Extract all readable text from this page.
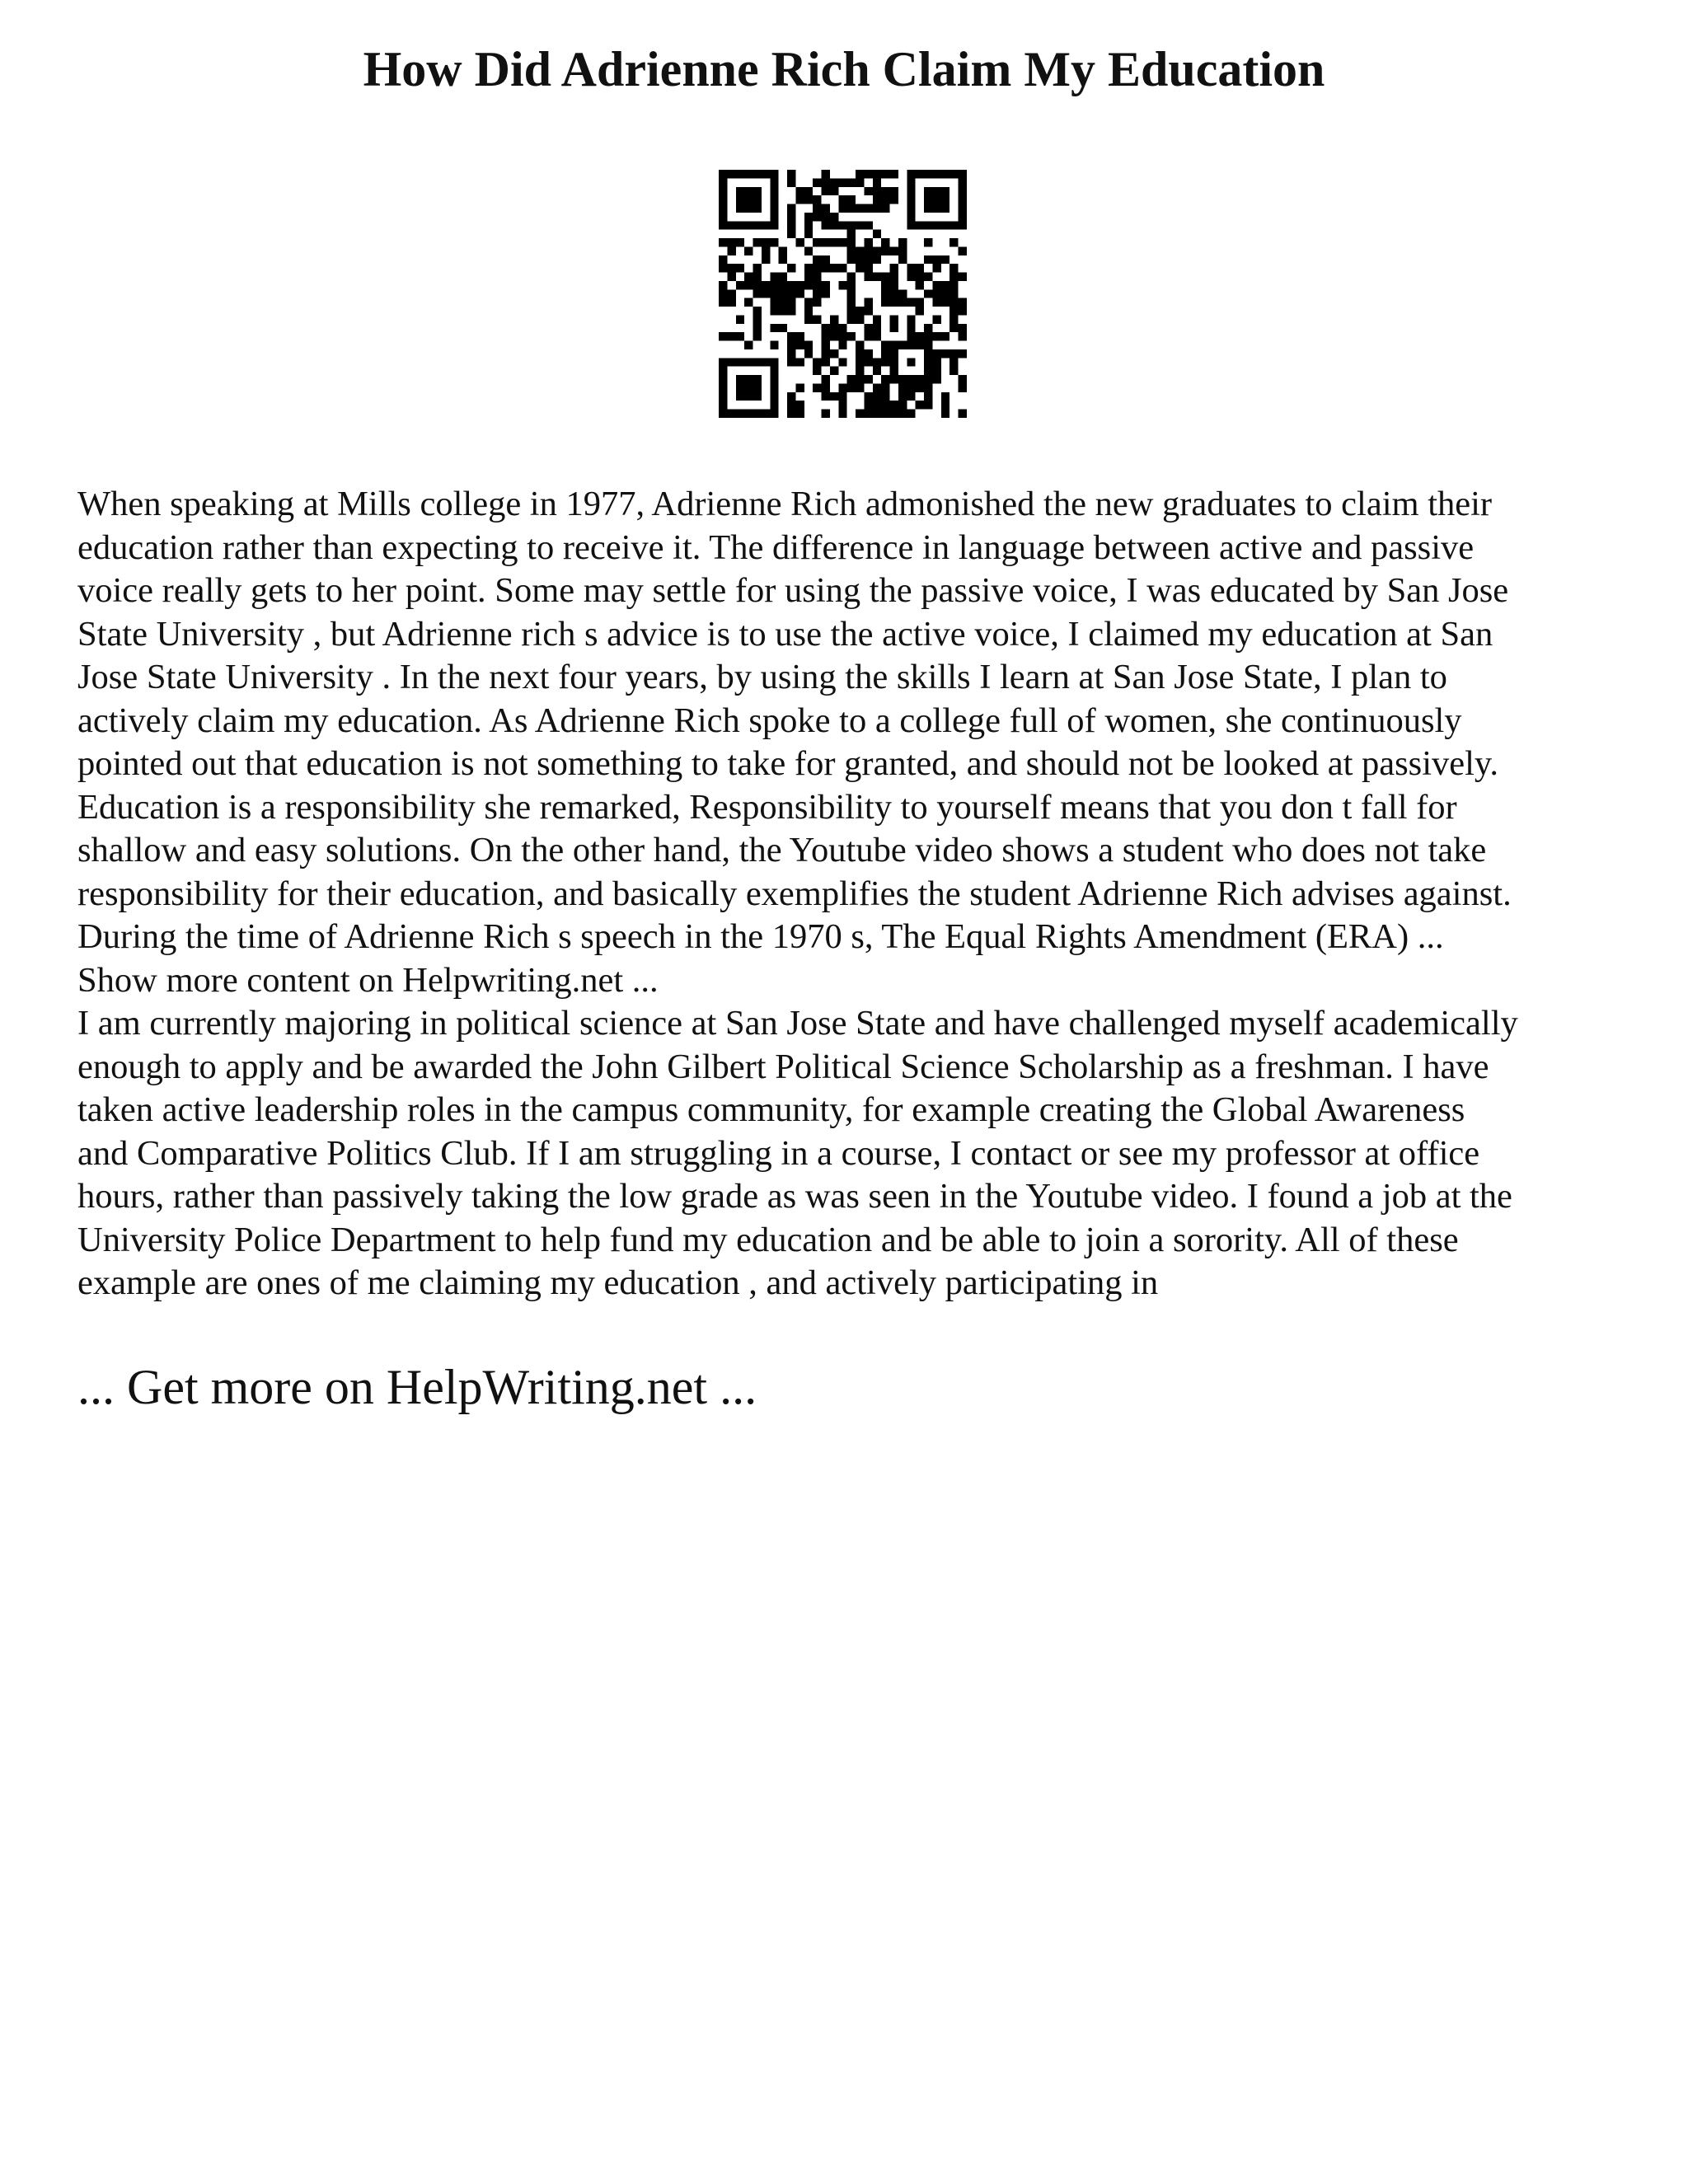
How Did Adrienne Rich Claim My Education

When speaking at Mills college in 1977, Adrienne Rich admonished the new graduates to claim their
education rather than expecting to receive it. The difference in language between active and passive
voice really gets to her point. Some may settle for using the passive voice, I was educated by San Jose
State University , but Adrienne rich s advice is to use the active voice, I claimed my education at San
Jose State University . In the next four years, by using the skills I learn at San Jose State, I plan to
actively claim my education. As Adrienne Rich spoke to a college full of women, she continuously
pointed out that education is not something to take for granted, and should not be looked at passively.
Education is a responsibility she remarked, Responsibility to yourself means that you don t fall for
shallow and easy solutions. On the other hand, the Youtube video shows a student who does not take
responsibility for their education, and basically exemplifies the student Adrienne Rich advises against.
During the time of Adrienne Rich s speech in the 1970 s, The Equal Rights Amendment (ERA) ...
Show more content on Helpwriting.net ...

I am currently majoring in political science at San Jose State and have challenged myself academically
enough to apply and be awarded the John Gilbert Political Science Scholarship as a freshman. I have
taken active leadership roles in the campus community, for example creating the Global Awareness
and Comparative Politics Club. If I am struggling in a course, I contact or see my professor at office
hours, rather than passively taking the low grade as was seen in the Youtube video. I found a job at the
University Police Department to help fund my education and be able to join a sorority. All of these
example are ones of me claiming my education , and actively participating in

... Get more on HelpWriting.net ...
